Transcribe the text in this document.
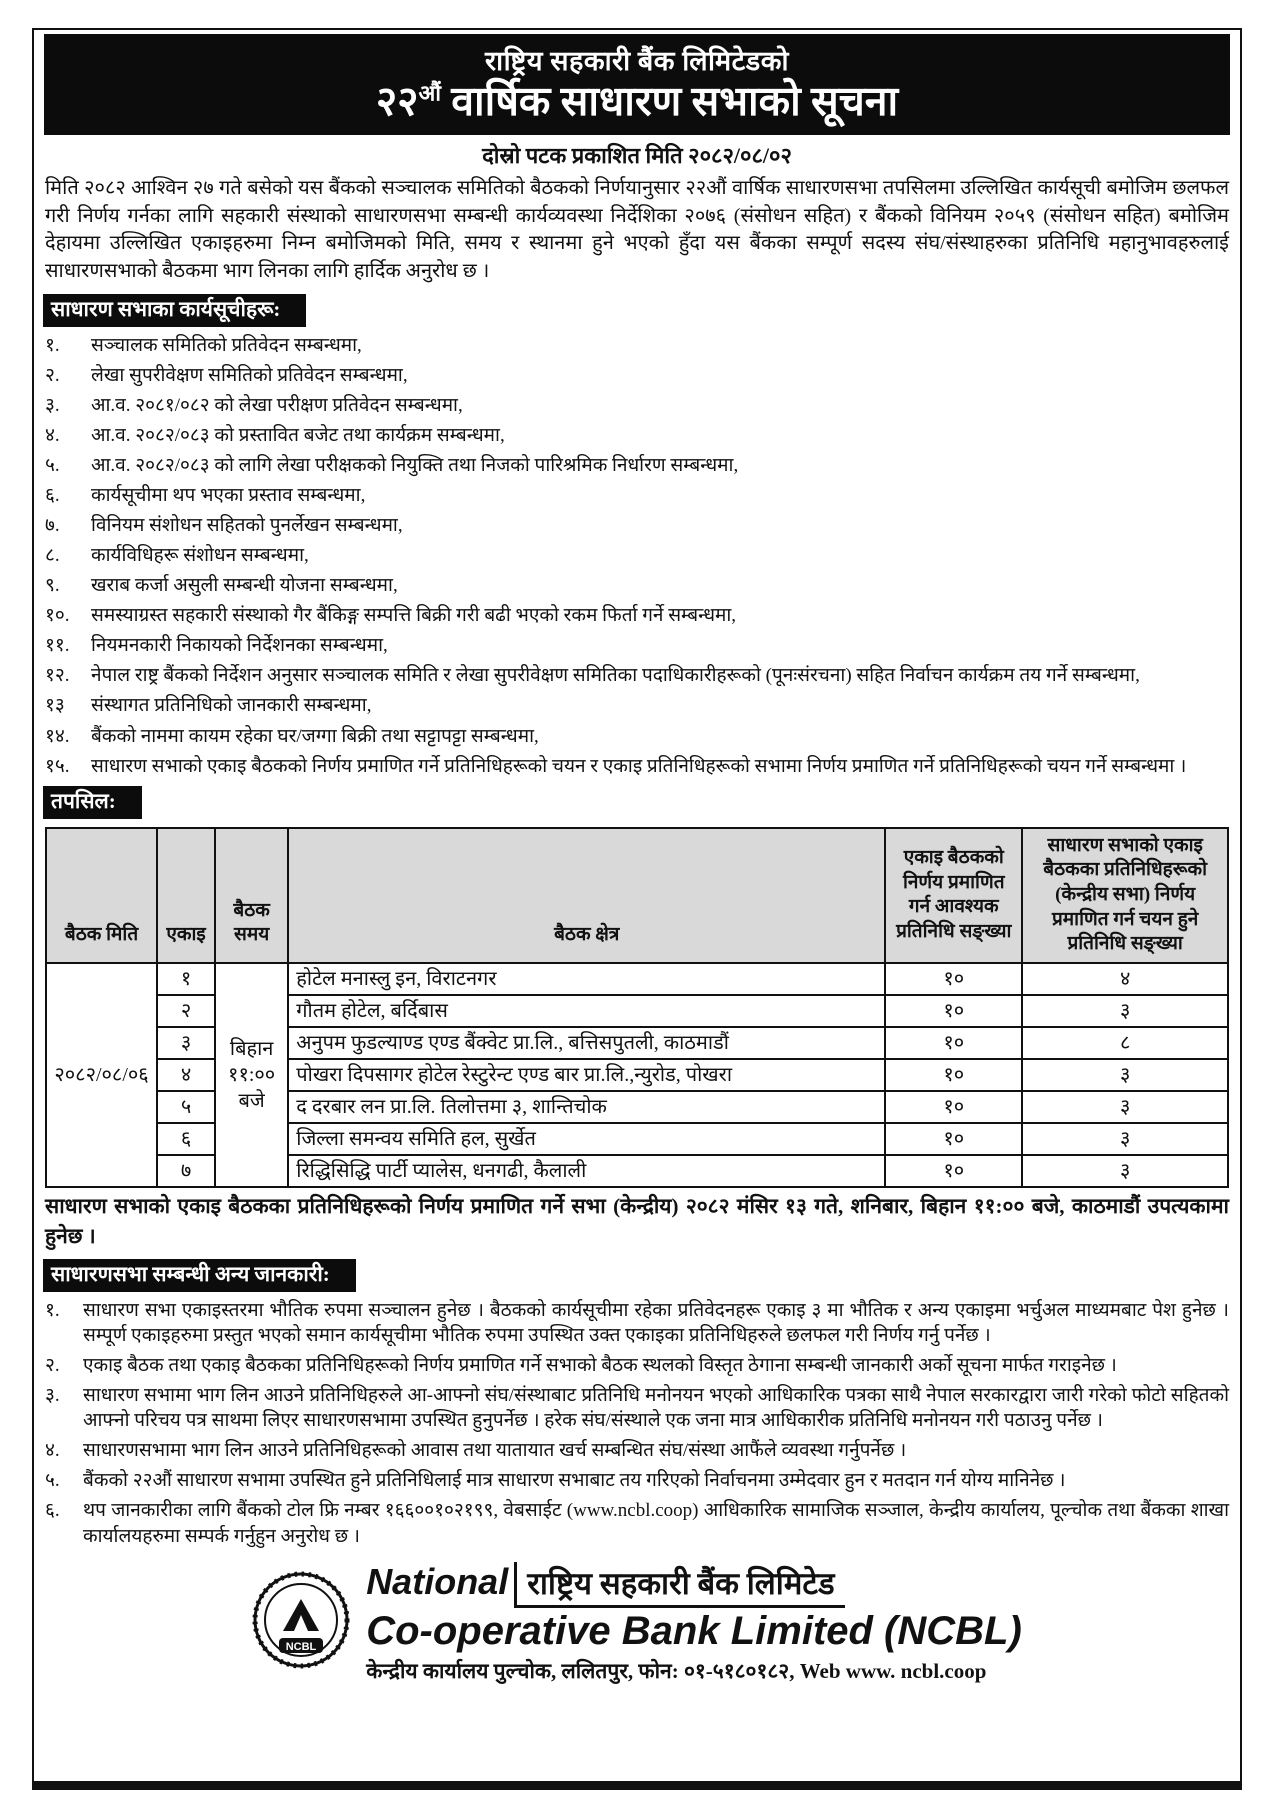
राष्ट्रिय सहकारी बैंक लिमिटेडको
$२२^{औं}$ वार्षिक साधारण सभाको सूचना
दोस्रो पटक प्रकाशित मिति २०८२/०८/०२

मिति २०८२ आश्विन २७ गते बसेको यस बैंकको सञ्चालक समितिको बैठकको निर्णयानुसार २२औं वार्षिक साधारणसभा तपसिलमा उल्लिखित कार्यसूची बमोजिम छलफल गरी निर्णय गर्नका लागि सहकारी संस्थाको साधारणसभा सम्बन्धी कार्यव्यवस्था निर्देशिका २०७६ (संसोधन सहित) र बैंकको विनियम २०५९ (संसोधन सहित) बमोजिम देहायमा उल्लिखित एकाइहरुमा निम्न बमोजिमको मिति, समय र स्थानमा हुने भएको हुँदा यस बैंकका सम्पूर्ण सदस्य संघ/संस्थाहरुका प्रतिनिधि महानुभावहरुलाई साधारणसभाको बैठकमा भाग लिनका लागि हार्दिक अनुरोध छ ।

साधारण सभाका कार्यसूचीहरू:
१.	सञ्चालक समितिको प्रतिवेदन सम्बन्धमा,
२.	लेखा सुपरीवेक्षण समितिको प्रतिवेदन सम्बन्धमा,
३.	आ.व. २०८१/०८२ को लेखा परीक्षण प्रतिवेदन सम्बन्धमा,
४.	आ.व. २०८२/०८३ को प्रस्तावित बजेट तथा कार्यक्रम सम्बन्धमा,
५.	आ.व. २०८२/०८३ को लागि लेखा परीक्षकको नियुक्ति तथा निजको पारिश्रमिक निर्धारण सम्बन्धमा,
६.	कार्यसूचीमा थप भएका प्रस्ताव सम्बन्धमा,
७.	विनियम संशोधन सहितको पुनर्लेखन सम्बन्धमा,
८.	कार्यविधिहरू संशोधन सम्बन्धमा,
९.	खराब कर्जा असुली सम्बन्धी योजना सम्बन्धमा,
१०.	समस्याग्रस्त सहकारी संस्थाको गैर बैंकिङ्ग सम्पत्ति बिक्री गरी बढी भएको रकम फिर्ता गर्ने सम्बन्धमा,
११.	नियमनकारी निकायको निर्देशनका सम्बन्धमा,
१२.	नेपाल राष्ट्र बैंकको निर्देशन अनुसार सञ्चालक समिति र लेखा सुपरीवेक्षण समितिका पदाधिकारीहरूको (पूनःसंरचना) सहित निर्वाचन कार्यक्रम तय गर्ने सम्बन्धमा,
१३	संस्थागत प्रतिनिधिको जानकारी सम्बन्धमा,
१४.	बैंकको नाममा कायम रहेका घर/जग्गा बिक्री तथा सट्टापट्टा सम्बन्धमा,
१५.	साधारण सभाको एकाइ बैठकको निर्णय प्रमाणित गर्ने प्रतिनिधिहरूको चयन र एकाइ प्रतिनिधिहरूको सभामा निर्णय प्रमाणित गर्ने प्रतिनिधिहरूको चयन गर्ने सम्बन्धमा ।
तपसिल:
बैठक मिति	एकाइ	बैठक समय	बैठक क्षेत्र	एकाइ बैठकको निर्णय प्रमाणित गर्न आवश्यक प्रतिनिधि सङ्ख्या	साधारण सभाको एकाइ बैठकका प्रतिनिधिहरूको (केन्द्रीय सभा) निर्णय प्रमाणित गर्न चयन हुने प्रतिनिधि सङ्ख्या
२०८२/०८/०६	१	बिहान ११:०० बजे	होटेल मनास्लु इन, विराटनगर	१०	४
	२		गौतम होटेल, बर्दिबास	१०	३
	३		अनुपम फुडल्याण्ड एण्ड बैंक्वेट प्रा.लि., बत्तिसपुतली, काठमाडौं	१०	८
	४		पोखरा दिपसागर होटेल रेस्टुरेन्ट एण्ड बार प्रा.लि.,न्युरोड, पोखरा	१०	३
	५		द दरबार लन प्रा.लि. तिलोत्तमा ३, शान्तिचोक	१०	३
	६		जिल्ला समन्वय समिति हल, सुर्खेत	१०	३
	७		रिद्धिसिद्धि पार्टी प्यालेस, धनगढी, कैलाली	१०	३

साधारण सभाको एकाइ बैठकका प्रतिनिधिहरूको निर्णय प्रमाणित गर्ने सभा (केन्द्रीय) २०८२ मंसिर १३ गते, शनिबार, बिहान ११:०० बजे, काठमाडौं उपत्यकामा हुनेछ ।

साधारणसभा सम्बन्धी अन्य जानकारी:
१.	साधारण सभा एकाइस्तरमा भौतिक रुपमा सञ्चालन हुनेछ । बैठकको कार्यसूचीमा रहेका प्रतिवेदनहरू एकाइ ३ मा भौतिक र अन्य एकाइमा भर्चुअल माध्यमबाट पेश हुनेछ । सम्पूर्ण एकाइहरुमा प्रस्तुत भएको समान कार्यसूचीमा भौतिक रुपमा उपस्थित उक्त एकाइका प्रतिनिधिहरुले छलफल गरी निर्णय गर्नु पर्नेछ ।
२.	एकाइ बैठक तथा एकाइ बैठकका प्रतिनिधिहरूको निर्णय प्रमाणित गर्ने सभाको बैठक स्थलको विस्तृत ठेगाना सम्बन्धी जानकारी अर्को सूचना मार्फत गराइनेछ ।
३.	साधारण सभामा भाग लिन आउने प्रतिनिधिहरुले आ-आफ्नो संघ/संस्थाबाट प्रतिनिधि मनोनयन भएको आधिकारिक पत्रका साथै नेपाल सरकारद्वारा जारी गरेको फोटो सहितको आफ्नो परिचय पत्र साथमा लिएर साधारणसभामा उपस्थित हुनुपर्नेछ । हरेक संघ/संस्थाले एक जना मात्र आधिकारीक प्रतिनिधि मनोनयन गरी पठाउनु पर्नेछ ।
४.	साधारणसभामा भाग लिन आउने प्रतिनिधिहरूको आवास तथा यातायात खर्च सम्बन्धित संघ/संस्था आफैंले व्यवस्था गर्नुपर्नेछ ।
५.	बैंकको २२औं साधारण सभामा उपस्थित हुने प्रतिनिधिलाई मात्र साधारण सभाबाट तय गरिएको निर्वाचनमा उम्मेदवार हुन र मतदान गर्न योग्य मानिनेछ ।
६.	थप जानकारीका लागि बैंकको टोल फ्रि नम्बर १६६००१०२१९९, वेबसाईट (www.ncbl.coop) आधिकारिक सामाजिक सञ्जाल, केन्द्रीय कार्यालय, पूल्चोक तथा बैंकका शाखा कार्यालयहरुमा सम्पर्क गर्नुहुन अनुरोध छ ।
NCBL
National राष्ट्रिय सहकारी बैंक लिमिटेड
Co-operative Bank Limited (NCBL)
केन्द्रीय कार्यालय पुल्चोक, ललितपुर, फोन: ०१-५१८०१८२, Web www. ncbl.coop
